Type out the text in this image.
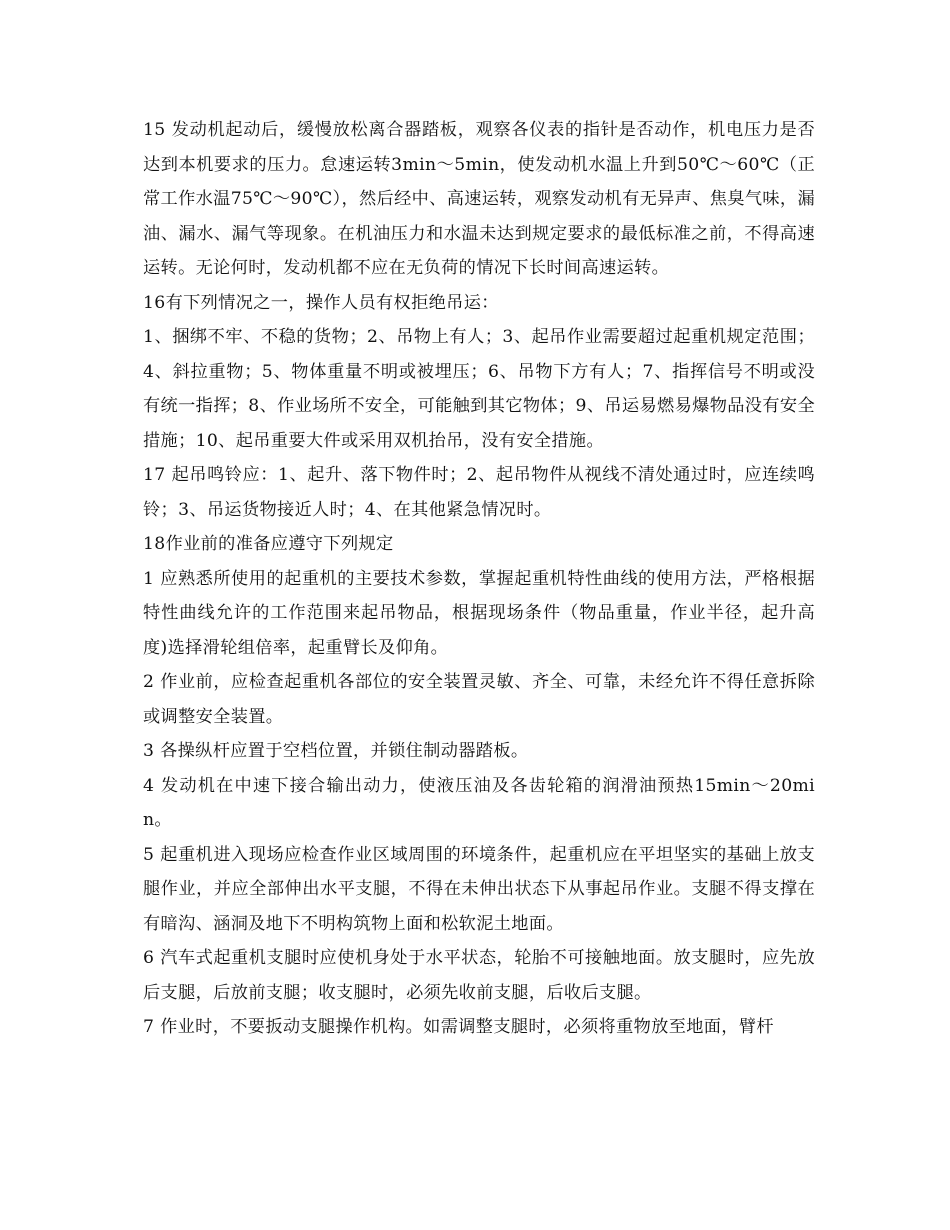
15 发动机起动后，缓慢放松离合器踏板，观察各仪表的指针是否动作，机电压力是否达到本机要求的压力。怠速运转3min～5min，使发动机水温上升到50℃～60℃（正常工作水温75℃～90℃），然后经中、高速运转，观察发动机有无异声、焦臭气味，漏油、漏水、漏气等现象。在机油压力和水温未达到规定要求的最低标准之前，不得高速运转。无论何时，发动机都不应在无负荷的情况下长时间高速运转。

16有下列情况之一，操作人员有权拒绝吊运：

1、捆绑不牢、不稳的货物；2、吊物上有人；3、起吊作业需要超过起重机规定范围；4、斜拉重物；5、物体重量不明或被埋压；6、吊物下方有人；7、指挥信号不明或没有统一指挥；8、作业场所不安全，可能触到其它物体；9、吊运易燃易爆物品没有安全措施；10、起吊重要大件或采用双机抬吊，没有安全措施。

17 起吊鸣铃应：1、起升、落下物件时；2、起吊物件从视线不清处通过时，应连续鸣铃；3、吊运货物接近人时；4、在其他紧急情况时。

18作业前的准备应遵守下列规定

1 应熟悉所使用的起重机的主要技术参数，掌握起重机特性曲线的使用方法，严格根据特性曲线允许的工作范围来起吊物品，根据现场条件（物品重量，作业半径，起升高度)选择滑轮组倍率，起重臂长及仰角。

2 作业前，应检查起重机各部位的安全装置灵敏、齐全、可靠，未经允许不得任意拆除或调整安全装置。

3 各操纵杆应置于空档位置，并锁住制动器踏板。

4 发动机在中速下接合输出动力，使液压油及各齿轮箱的润滑油预热15min～20min。

5 起重机进入现场应检查作业区域周围的环境条件，起重机应在平坦坚实的基础上放支腿作业，并应全部伸出水平支腿，不得在未伸出状态下从事起吊作业。支腿不得支撑在有暗沟、涵洞及地下不明构筑物上面和松软泥土地面。

6 汽车式起重机支腿时应使机身处于水平状态，轮胎不可接触地面。放支腿时，应先放后支腿，后放前支腿；收支腿时，必须先收前支腿，后收后支腿。

7 作业时，不要扳动支腿操作机构。如需调整支腿时，必须将重物放至地面，臂杆
